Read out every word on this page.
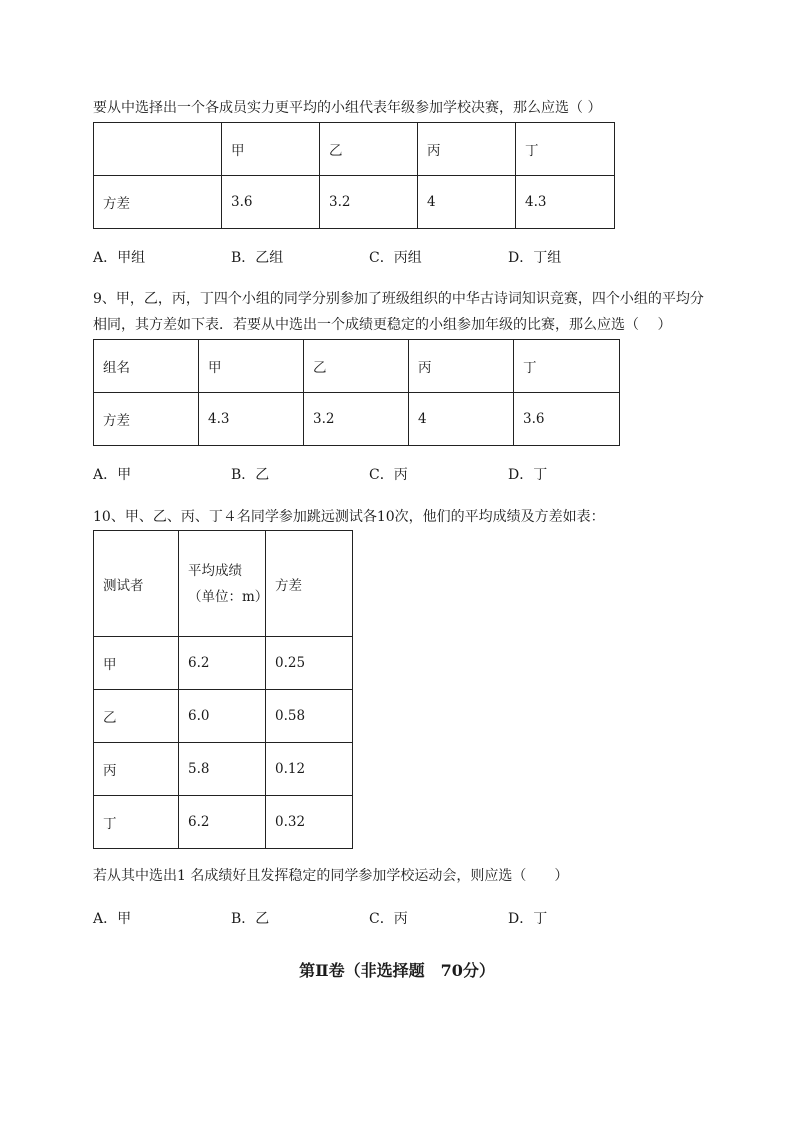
要从中选择出一个各成员实力更平均的小组代表年级参加学校决赛，那么应选（ ）
	甲	乙	丙	丁
方差	3.6	3.2	4	4.3
A．甲组	B．乙组	C．丙组	D．丁组
9、甲，乙，丙，丁四个小组的同学分别参加了班级组织的中华古诗词知识竞赛，四个小组的平均分
相同，其方差如下表．若要从中选出一个成绩更稳定的小组参加年级的比赛，那么应选（　 ）
组名	甲	乙	丙	丁
方差	4.3	3.2	4	3.6
A．甲	B．乙	C．丙	D．丁
10、甲、乙、丙、丁４名同学参加跳远测试各10次，他们的平均成绩及方差如表：
测试者	平均成绩（单位：m）	方差
甲	6.2	0.25
乙	6.0	0.58
丙	5.8	0.12
丁	6.2	0.32
若从其中选出1 名成绩好且发挥稳定的同学参加学校运动会，则应选（　　）
A．甲	B．乙	C．丙	D．丁
第Ⅱ卷（非选择题　70分）
